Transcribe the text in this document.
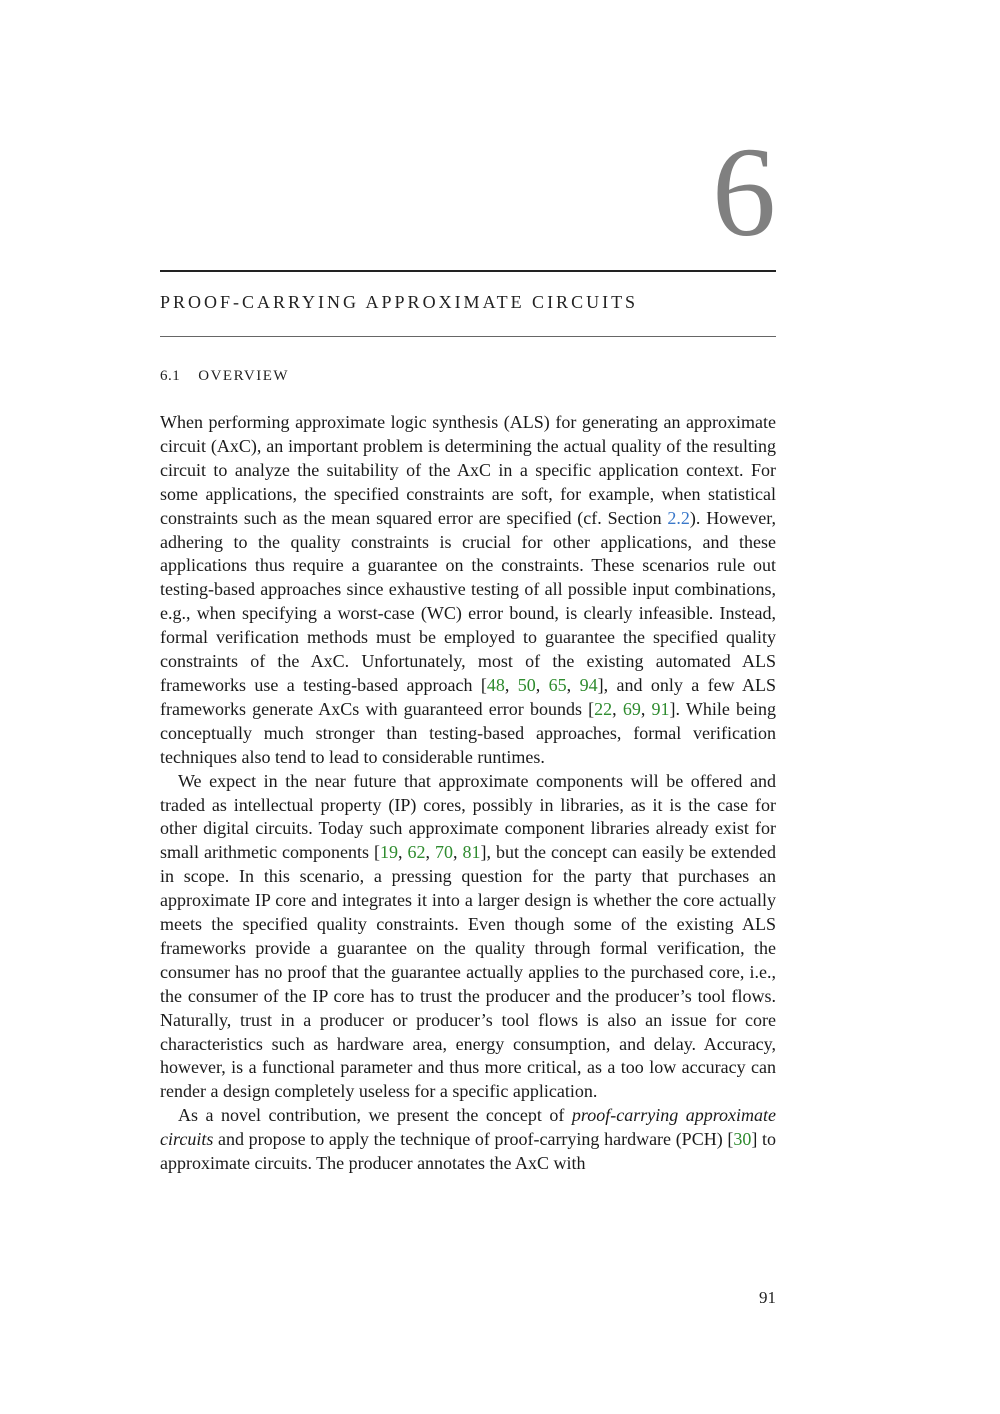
6
PROOF-CARRYING APPROXIMATE CIRCUITS
6.1 OVERVIEW

When performing approximate logic synthesis (ALS) for generating an approximate circuit (AxC), an important problem is determining the actual quality of the resulting circuit to analyze the suitability of the AxC in a specific application context. For some applications, the specified constraints are soft, for example, when statistical constraints such as the mean squared error are specified (cf. Section 2.2). However, adhering to the quality constraints is crucial for other applications, and these applications thus require a guarantee on the constraints. These scenarios rule out testing-based approaches since exhaustive testing of all possible input combinations, e.g., when specifying a worst-case (WC) error bound, is clearly infeasible. Instead, formal verification methods must be employed to guarantee the specified quality constraints of the AxC. Unfortunately, most of the existing automated ALS frameworks use a testing-based approach [48, 50, 65, 94], and only a few ALS frameworks generate AxCs with guaranteed error bounds [22, 69, 91]. While being conceptually much stronger than testing-based approaches, formal verification techniques also tend to lead to considerable runtimes.

We expect in the near future that approximate components will be offered and traded as intellectual property (IP) cores, possibly in libraries, as it is the case for other digital circuits. Today such approximate component libraries already exist for small arithmetic components [19, 62, 70, 81], but the concept can easily be extended in scope. In this scenario, a pressing question for the party that purchases an approximate IP core and integrates it into a larger design is whether the core actually meets the specified quality constraints. Even though some of the existing ALS frameworks provide a guarantee on the quality through formal verification, the consumer has no proof that the guarantee actually applies to the purchased core, i.e., the consumer of the IP core has to trust the producer and the producer’s tool flows. Naturally, trust in a producer or producer’s tool flows is also an issue for core characteristics such as hardware area, energy consumption, and delay. Accuracy, however, is a functional parameter and thus more critical, as a too low accuracy can render a design completely useless for a specific application.

As a novel contribution, we present the concept of proof-carrying approximate circuits and propose to apply the technique of proof-carrying hardware (PCH) [30] to approximate circuits. The producer annotates the AxC with

91
